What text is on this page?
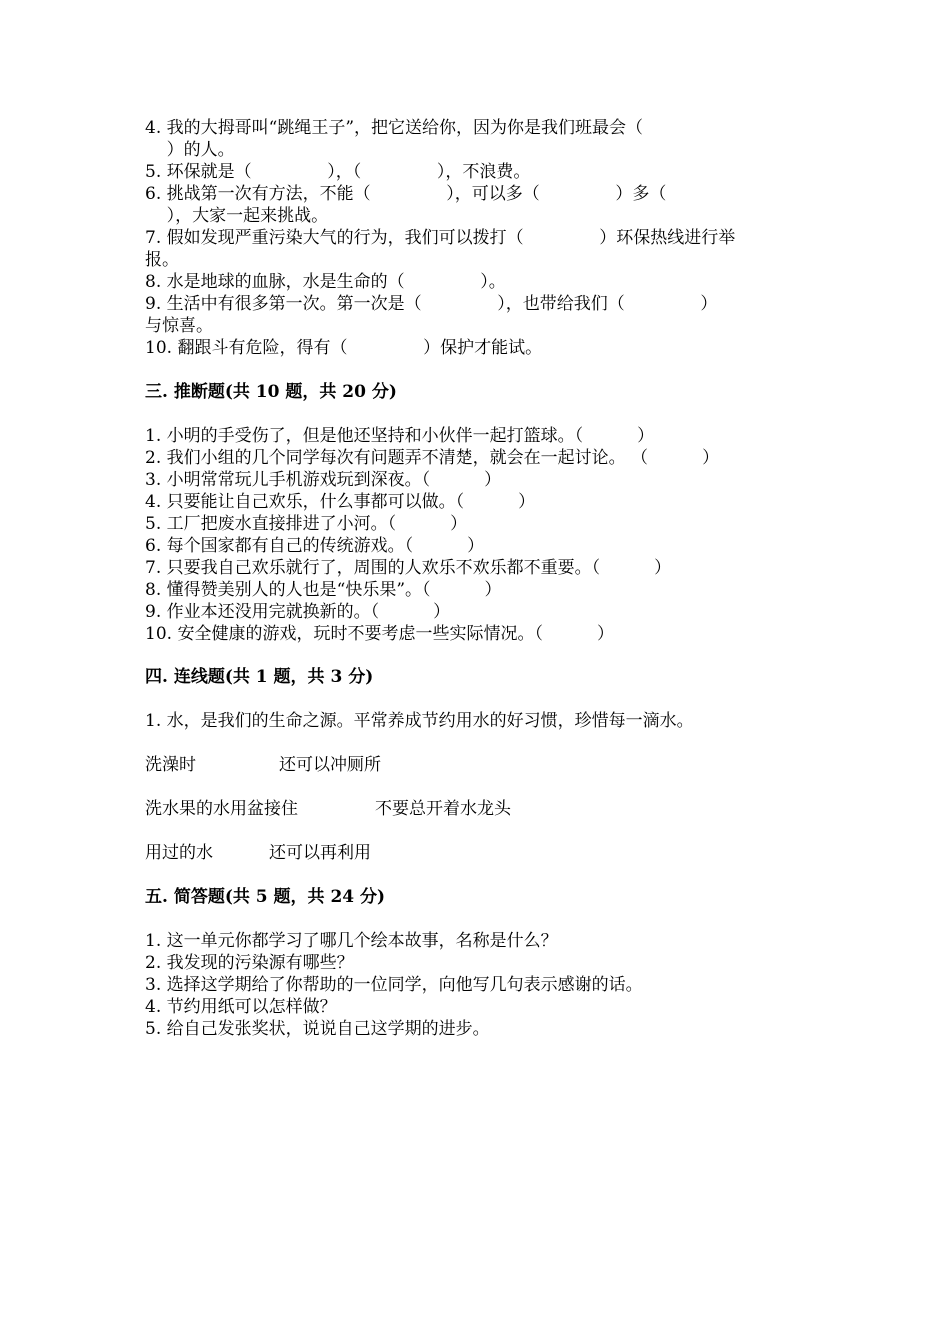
4. 我的大拇哥叫“跳绳王子”，把它送给你，因为你是我们班最会（
）的人。
5. 环保就是（              ），（              ），不浪费。
6. 挑战第一次有方法，不能（              ），可以多（              ）多（
），大家一起来挑战。
7. 假如发现严重污染大气的行为，我们可以拨打（              ）环保热线进行举
报。
8. 水是地球的血脉，水是生命的（              ）。
9. 生活中有很多第一次。第一次是（              ），也带给我们（              ）
与惊喜。
10. 翻跟斗有危险，得有（              ）保护才能试。
三. 推断题(共 10 题，共 20 分)
1. 小明的手受伤了，但是他还坚持和小伙伴一起打篮球。（          ）
2. 我们小组的几个同学每次有问题弄不清楚，就会在一起讨论。 （          ）
3. 小明常常玩儿手机游戏玩到深夜。（          ）
4. 只要能让自己欢乐，什么事都可以做。（          ）
5. 工厂把废水直接排进了小河。（          ）
6. 每个国家都有自己的传统游戏。（          ）
7. 只要我自己欢乐就行了，周围的人欢乐不欢乐都不重要。（          ）
8. 懂得赞美别人的人也是“快乐果”。（          ）
9. 作业本还没用完就换新的。（          ）
10. 安全健康的游戏，玩时不要考虑一些实际情况。（          ）
四. 连线题(共 1 题，共 3 分)
1. 水，是我们的生命之源。平常养成节约用水的好习惯，珍惜每一滴水。
洗澡时	还可以冲厕所
洗水果的水用盆接住	不要总开着水龙头
用过的水	还可以再利用
五. 简答题(共 5 题，共 24 分)
1. 这一单元你都学习了哪几个绘本故事，名称是什么？
2. 我发现的污染源有哪些？
3. 选择这学期给了你帮助的一位同学，向他写几句表示感谢的话。
4. 节约用纸可以怎样做？
5. 给自己发张奖状，说说自己这学期的进步。
